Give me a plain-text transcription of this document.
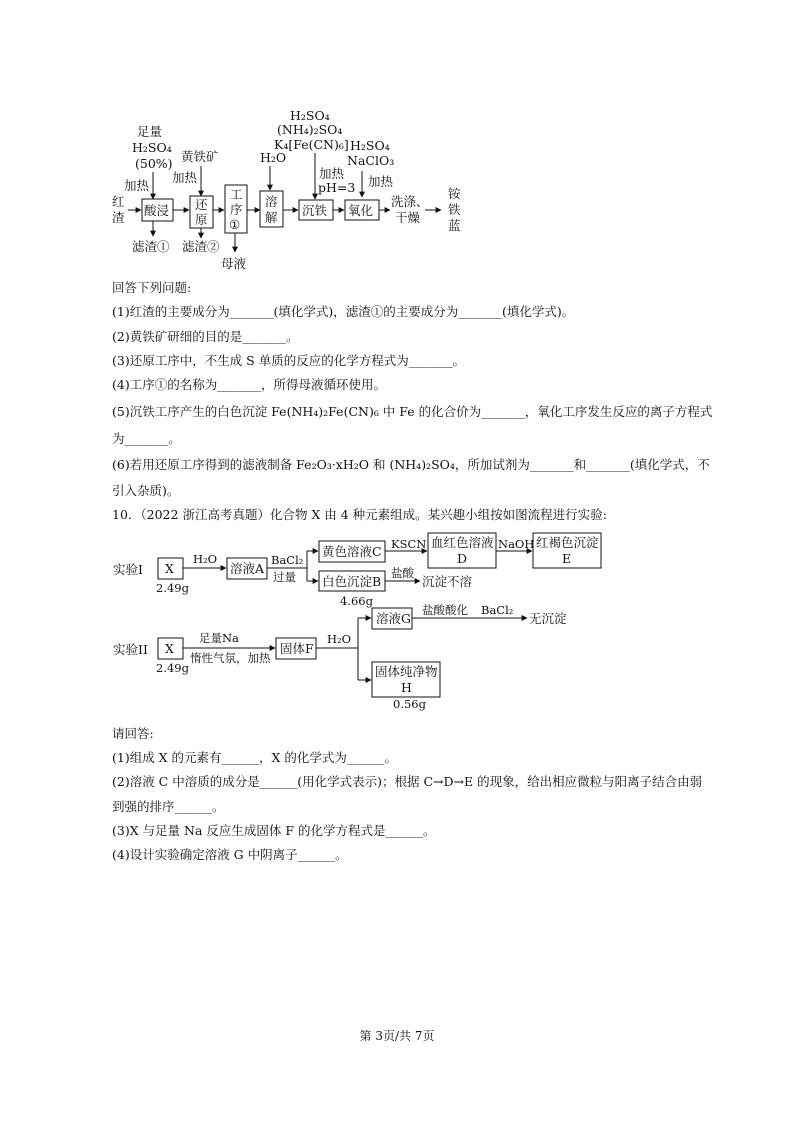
足量
H₂SO₄
(50%)
加热
黄铁矿
加热
H₂O
H₂SO₄
(NH₄)₂SO₄
K₄[Fe(CN)₆]
加热
pH=3
H₂SO₄
NaClO₃
加热
红
渣 酸浸 还
原
工
序
①
溶
解 沉铁 氧化
洗涤、
干燥
铵
铁
蓝
滤渣① 滤渣②
母液
回答下列问题:
(1)红渣的主要成分为_______(填化学式)，滤渣①的主要成分为_______(填化学式)。
(2)黄铁矿研细的目的是_______。
(3)还原工序中，不生成 S 单质的反应的化学方程式为_______。
(4)工序①的名称为_______，所得母液循环使用。
(5)沉铁工序产生的白色沉淀 Fe(NH₄)₂Fe(CN)₆ 中 Fe 的化合价为_______，氧化工序发生反应的离子方程式
为_______。
(6)若用还原工序得到的滤液制备 Fe₂O₃·xH₂O 和 (NH₄)₂SO₄，所加试剂为_______和_______(填化学式，不
引入杂质)。
10．（2022 浙江高考真题）化合物 X 由 4 种元素组成。某兴趣小组按如图流程进行实验:
实验I X
2.49g
H₂O
溶液A
BaCl₂
过量
黄色溶液C KSCN 血红色溶液
D
NaOH 红褐色沉淀
E
白色沉淀B
4.66g
盐酸
沉淀不溶
实验II X
2.49g
足量Na
惰性气氛，加热
固体F
H₂O
溶液G
盐酸酸化 BaCl₂
无沉淀
固体纯净物
H
0.56g
请回答:
(1)组成 X 的元素有______，X 的化学式为______。
(2)溶液 C 中溶质的成分是______(用化学式表示)；根据 C→D→E 的现象，给出相应微粒与阳离子结合由弱
到强的排序______。
(3)X 与足量 Na 反应生成固体 F 的化学方程式是______。
(4)设计实验确定溶液 G 中阴离子______。
第 3页/共 7页
